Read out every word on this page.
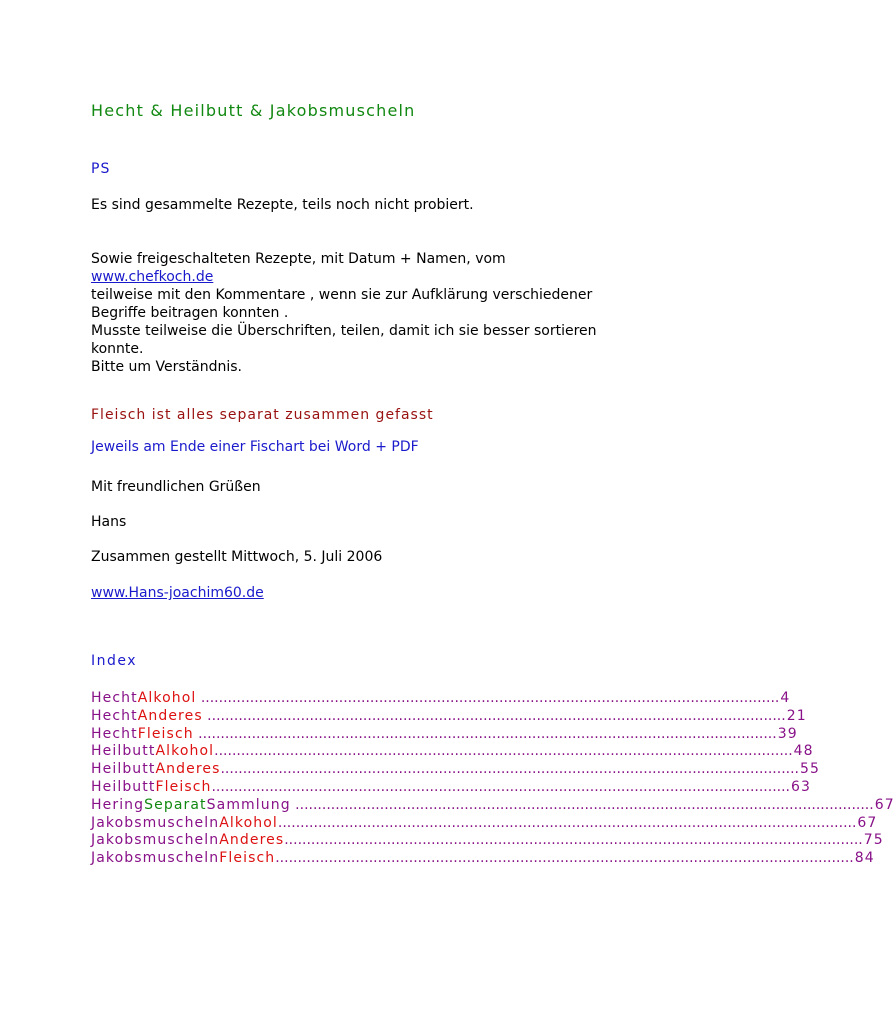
Hecht & Heilbutt & Jakobsmuscheln
PS
Es sind gesammelte Rezepte, teils noch nicht probiert.
Sowie freigeschalteten Rezepte, mit Datum + Namen, vom
www.chefkoch.de
teilweise mit den Kommentare , wenn sie zur Aufklärung verschiedener
Begriffe beitragen konnten .
Musste teilweise die Überschriften, teilen, damit ich sie besser sortieren
konnte.
Bitte um Verständnis.
Fleisch ist alles separat zusammen gefasst
Jeweils am Ende einer Fischart bei Word + PDF
Mit freundlichen Grüßen
Hans
Zusammen gestellt Mittwoch, 5. Juli 2006
www.Hans-joachim60.de
Index
Hecht Alkohol .................................................................................................................................. 4
Hecht Anderes .................................................................................................................................. 21
Hecht Fleisch .................................................................................................................................. 39
Heilbutt Alkohol .................................................................................................................................. 48
Heilbutt Anderes .................................................................................................................................. 55
Heilbutt Fleisch .................................................................................................................................. 63
Hering Separat Sammlung .................................................................................................................................. 67
Jakobsmuscheln Alkohol .................................................................................................................................. 67
Jakobsmuscheln Anderes .................................................................................................................................. 75
Jakobsmuscheln Fleisch .................................................................................................................................. 84
